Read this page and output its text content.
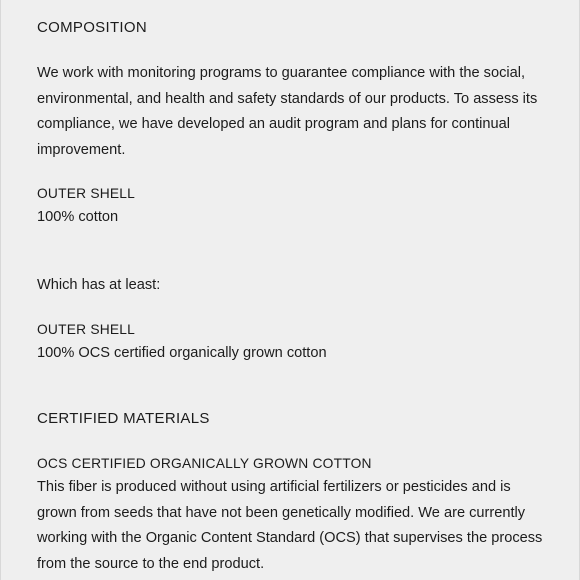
COMPOSITION

We work with monitoring programs to guarantee compliance with the social, environmental, and health and safety standards of our products. To assess its compliance, we have developed an audit program and plans for continual improvement.

OUTER SHELL

100% cotton

Which has at least:

OUTER SHELL

100% OCS certified organically grown cotton

CERTIFIED MATERIALS

OCS CERTIFIED ORGANICALLY GROWN COTTON

This fiber is produced without using artificial fertilizers or pesticides and is grown from seeds that have not been genetically modified. We are currently working with the Organic Content Standard (OCS) that supervises the process from the source to the end product.
